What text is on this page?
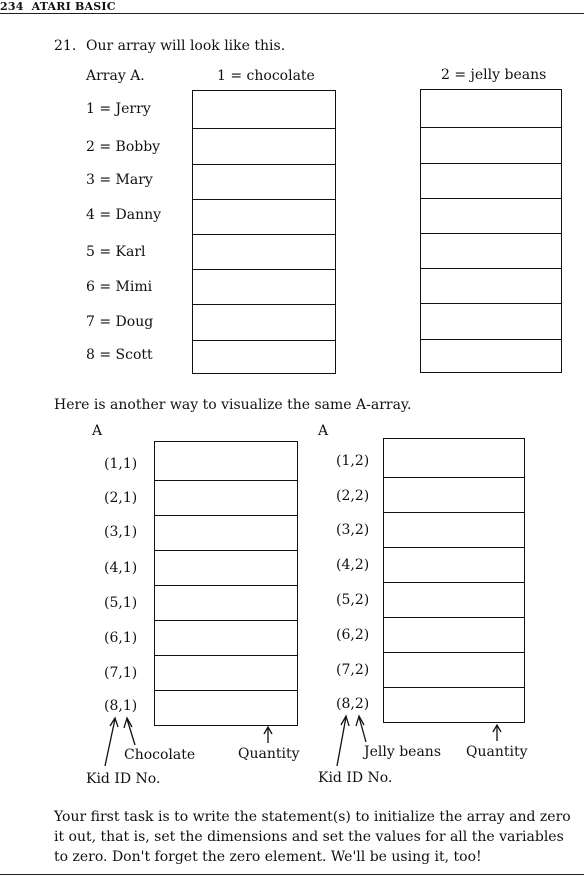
234 ATARI BASIC
21. Our array will look like this.
Array A.	1 = chocolate	2 = jelly beans
1 = Jerry
2 = Bobby
3 = Mary
4 = Danny
5 = Karl
6 = Mimi
7 = Doug
8 = Scott
Here is another way to visualize the same A-array.
A	A
(1,1)
(2,1)
(3,1)
(4,1)
(5,1)
(6,1)
(7,1)
(8,1)
(1,2)
(2,2)
(3,2)
(4,2)
(5,2)
(6,2)
(7,2)
(8,2)
Chocolate	Quantity
Kid ID No.
Jelly beans Quantity
Kid ID No.
Your first task is to write the statement(s) to initialize the array and zero it out, that is, set the dimensions and set the values for all the variables to zero. Don't forget the zero element. We'll be using it, too!
